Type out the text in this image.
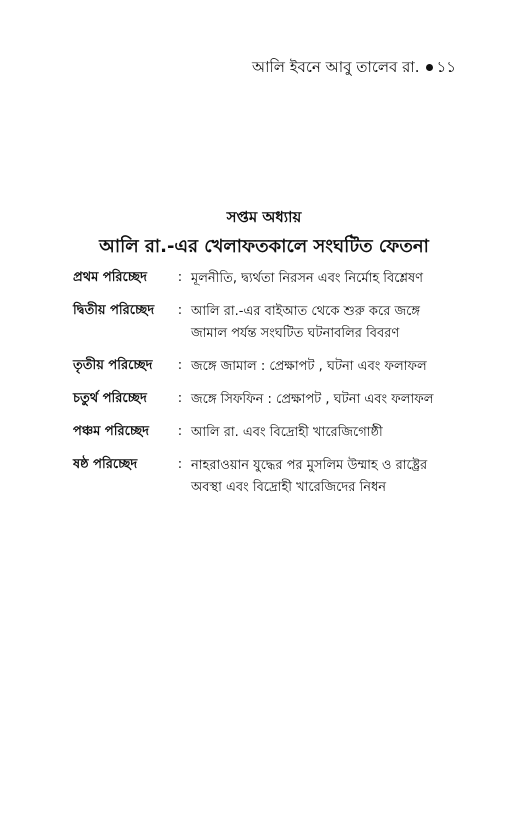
আলি ইবনে আবু তালেব রা. ১১
সপ্তম অধ্যায়
আলি রা.-এর খেলাফতকালে সংঘটিত ফেতনা
প্রথম পরিচ্ছেদ	: মূলনীতি, দ্ব্যর্থতা নিরসন এবং নির্মোহ বিশ্লেষণ
দ্বিতীয় পরিচ্ছেদ	: আলি রা.-এর বাইআত থেকে শুরু করে জঙ্গে
জামাল পর্যন্ত সংঘটিত ঘটনাবলির বিবরণ
তৃতীয় পরিচ্ছেদ	: জঙ্গে জামাল : প্রেক্ষাপট , ঘটনা এবং ফলাফল
চতুর্থ পরিচ্ছেদ	: জঙ্গে সিফফিন : প্রেক্ষাপট , ঘটনা এবং ফলাফল
পঞ্চম পরিচ্ছেদ	: আলি রা. এবং বিদ্রোহী খারেজিগোষ্ঠী
ষষ্ঠ পরিচ্ছেদ	: নাহরাওয়ান যুদ্ধের পর মুসলিম উম্মাহ ও রাষ্ট্রের
অবস্থা এবং বিদ্রোহী খারেজিদের নিধন
